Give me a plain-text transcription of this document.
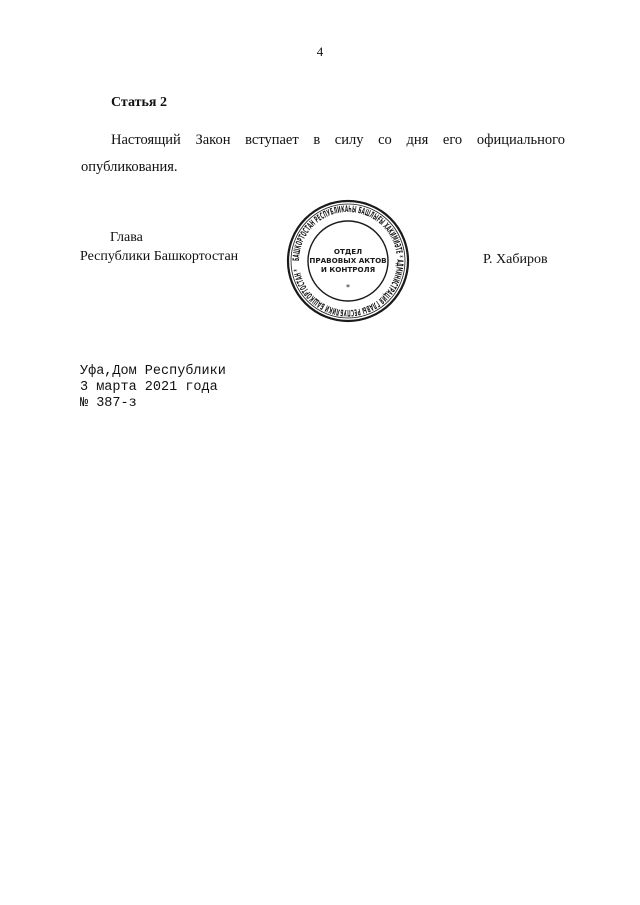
4
Статья 2

Настоящий Закон вступает в силу со дня его официального опубликования.

Глава
Республики Башкортостан	Р. Хабиров
БАШКОРТОСТАН РЕСПУБЛИКАҺЫ БАШЛЫҒЫ ХАКИМИӘТЕ * АДМИНИСТРАЦИЯ ГЛАВЫ РЕСПУБЛИКИ БАШКОРТОСТАН *
ОТДЕЛ
ПРАВОВЫХ АКТОВ
И КОНТРОЛЯ
*
Уфа,Дом Республики
3 марта 2021 года
№ 387-з
